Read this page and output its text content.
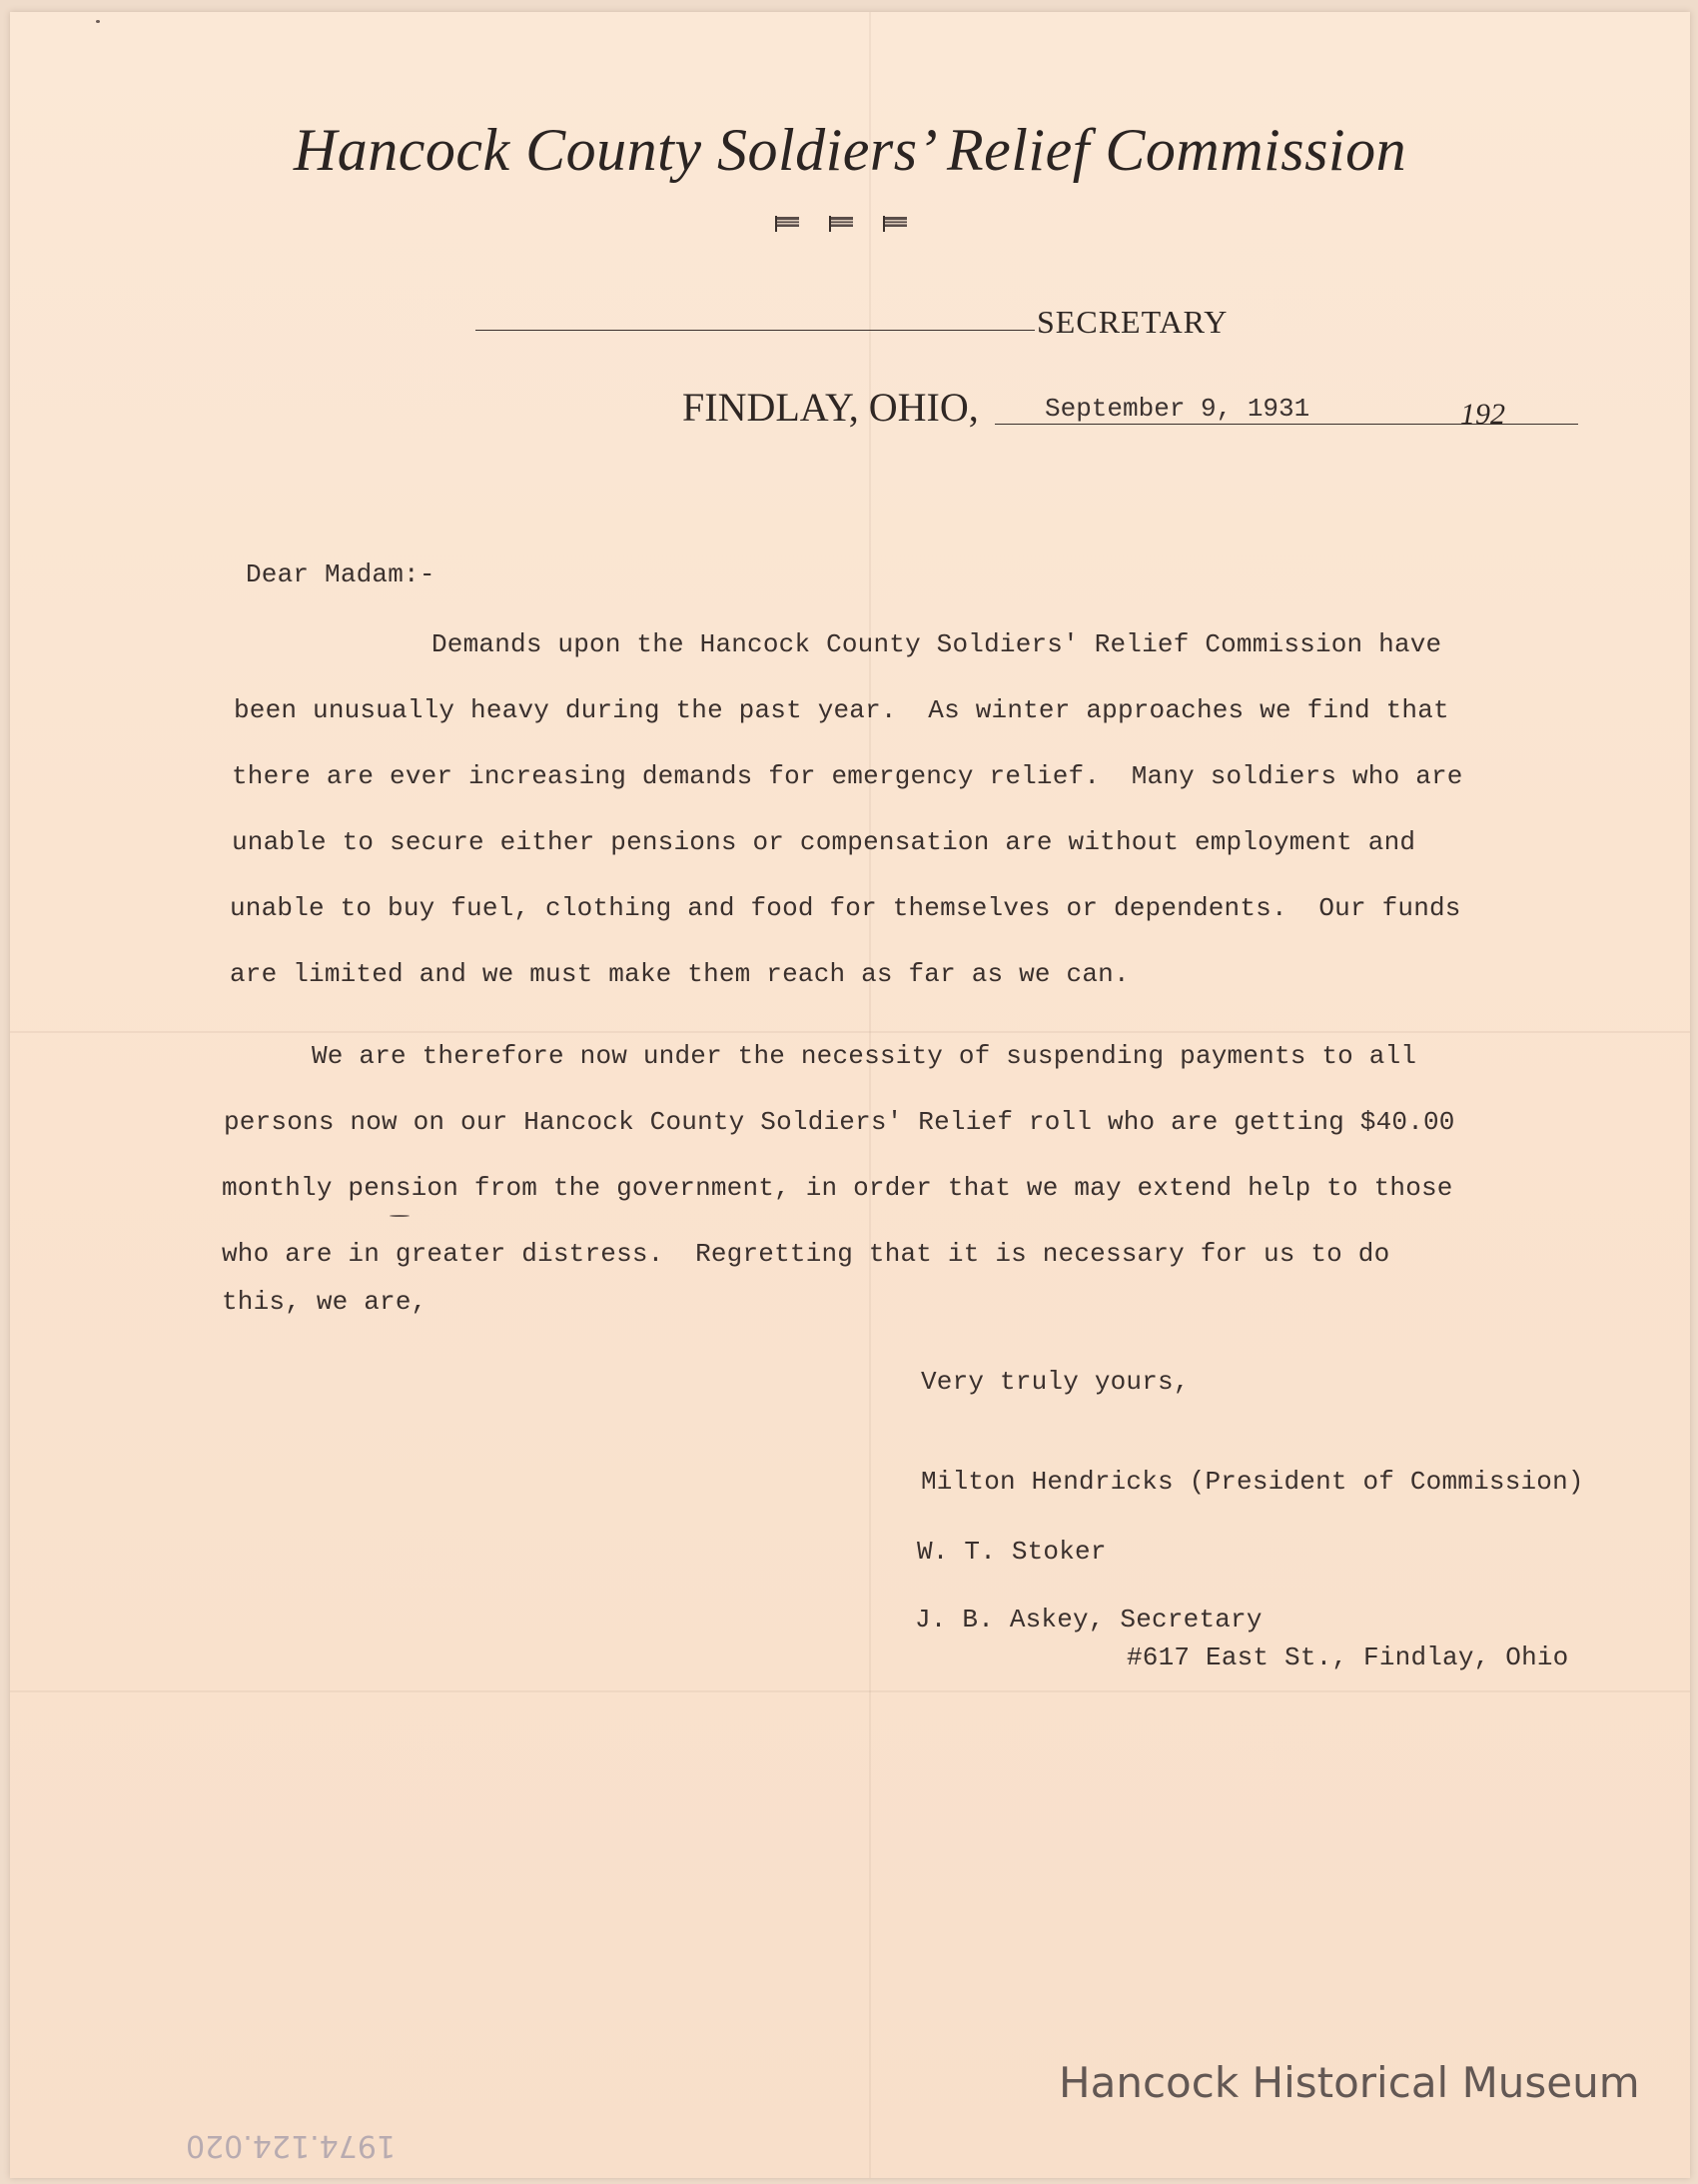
Hancock County Soldiers’ Relief Commission
SECRETARY
FINDLAY, OHIO,	September 9, 1931	192
Dear Madam:-
Demands upon the Hancock County Soldiers' Relief Commission have
been unusually heavy during the past year.  As winter approaches we find that
there are ever increasing demands for emergency relief.  Many soldiers who are
unable to secure either pensions or compensation are without employment and
unable to buy fuel, clothing and food for themselves or dependents.  Our funds
are limited and we must make them reach as far as we can.
We are therefore now under the necessity of suspending payments to all
persons now on our Hancock County Soldiers' Relief roll who are getting $40.00
monthly pension from the government, in order that we may extend help to those
who are in greater distress.  Regretting that it is necessary for us to do
this, we are,
Very truly yours,
Milton Hendricks (President of Commission)
W. T. Stoker
J. B. Askey, Secretary
#617 East St., Findlay, Ohio
1974.124.020
Hancock Historical Museum
